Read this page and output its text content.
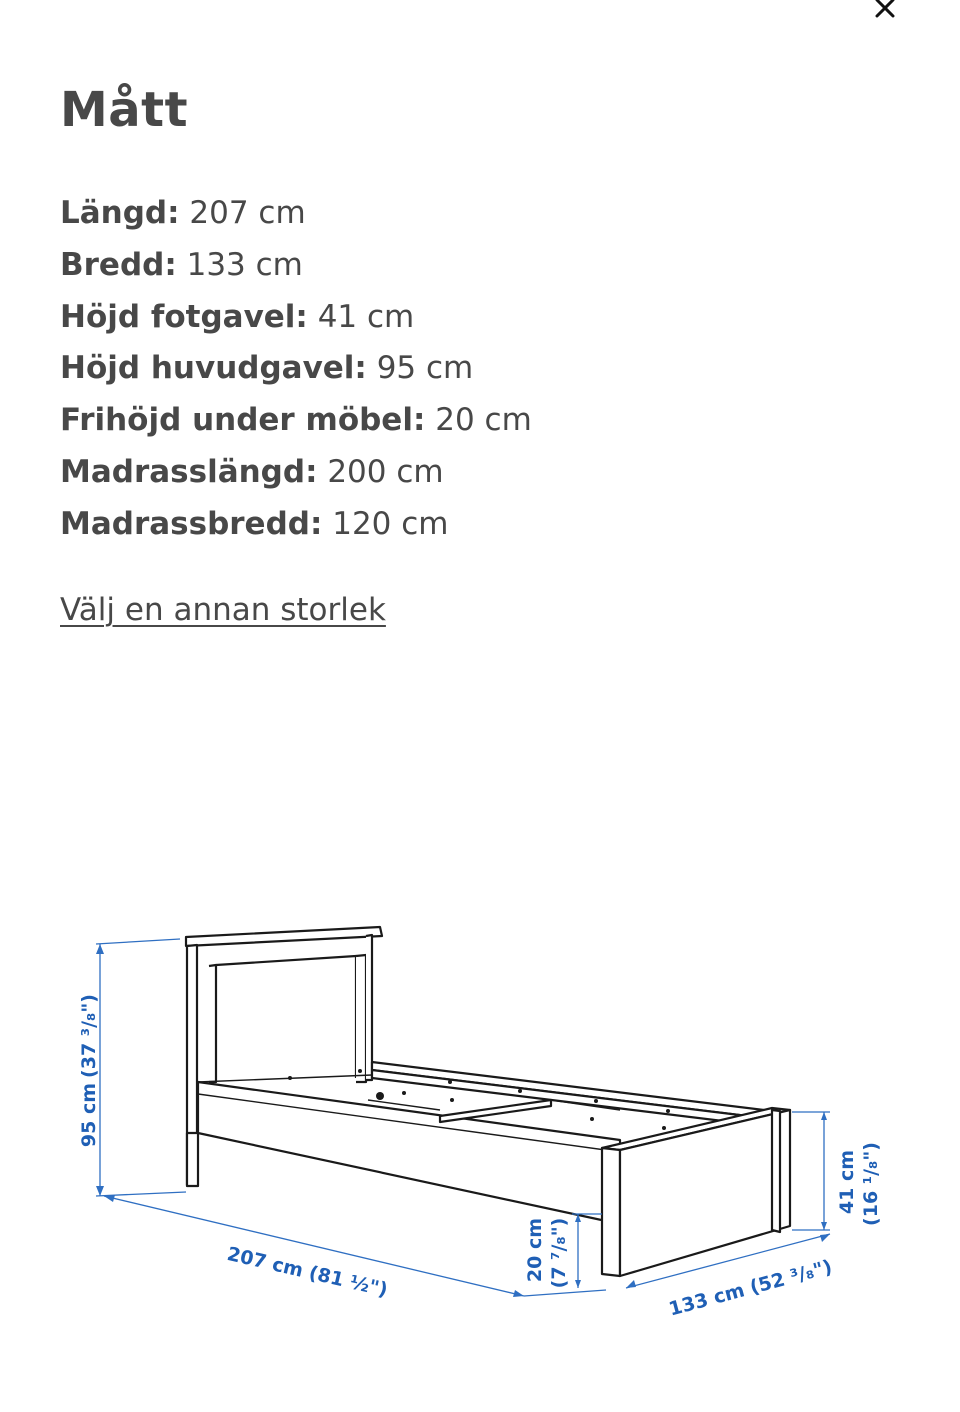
Mått
Längd: 207 cm
Bredd: 133 cm
Höjd fotgavel: 41 cm
Höjd huvudgavel: 95 cm
Frihöjd under möbel: 20 cm
Madrasslängd: 200 cm
Madrassbredd: 120 cm
Välj en annan storlek
95 cm
(37 ³/₈")
207 cm (81 ½")	20 cm (7 ⁷/₈")
133 cm (52 ³/₈")
41 cm (16 ¹/₈")
